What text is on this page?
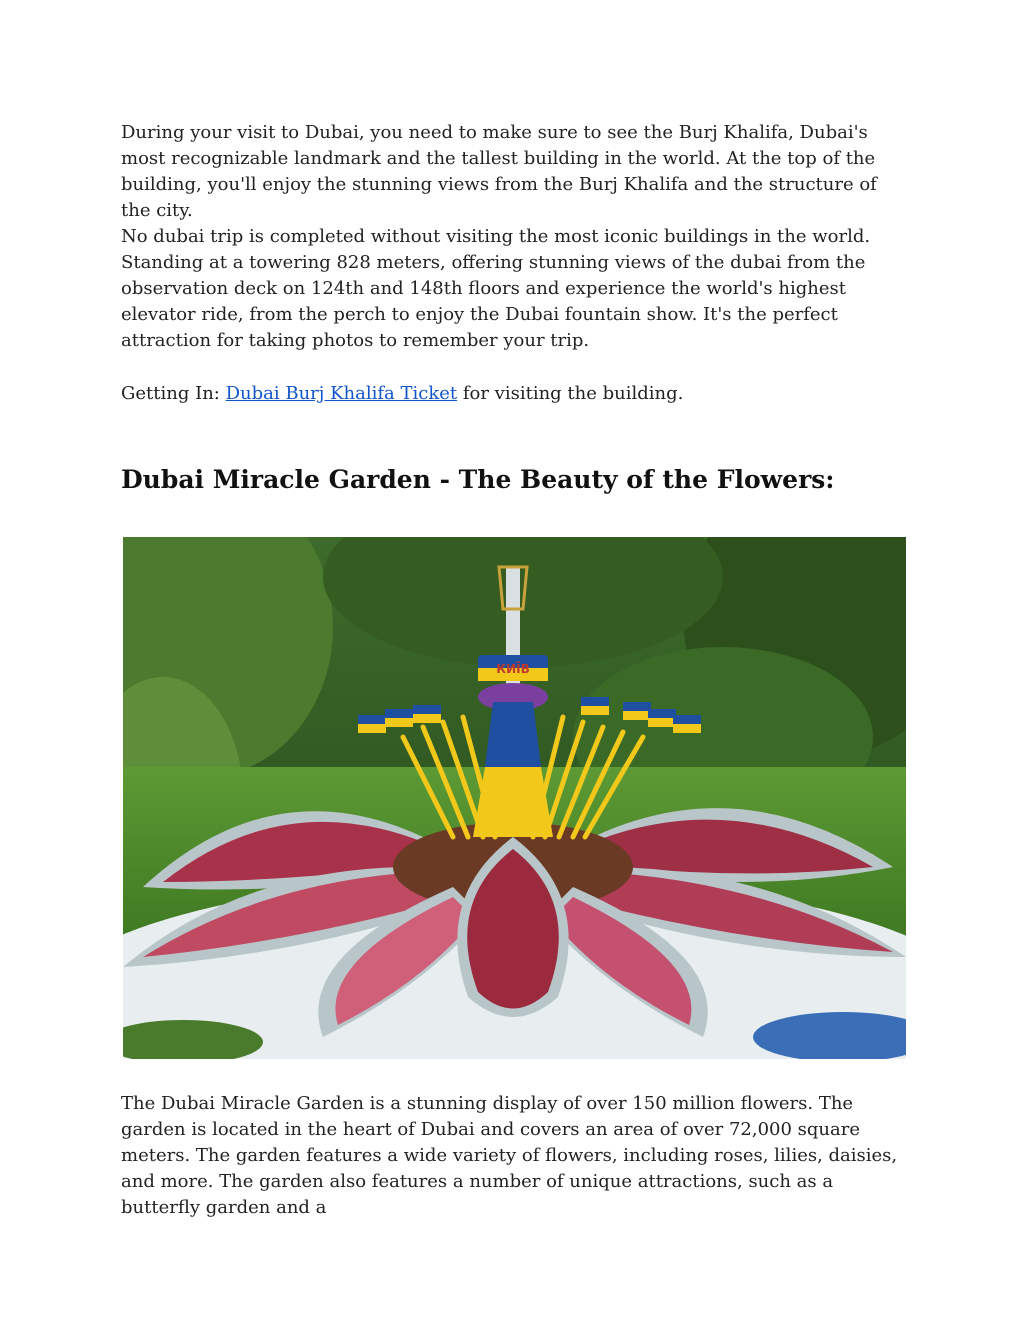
During your visit to Dubai, you need to make sure to see the Burj Khalifa, Dubai's most recognizable landmark and the tallest building in the world. At the top of the building, you'll enjoy the stunning views from the Burj Khalifa and the structure of the city.

No dubai trip is completed without visiting the most iconic buildings in the world. Standing at a towering 828 meters, offering stunning views of the dubai from the observation deck on 124th and 148th floors and experience the world's highest elevator ride, from the perch to enjoy the Dubai fountain show. It's the perfect attraction for taking photos to remember your trip.

Getting In: Dubai Burj Khalifa Ticket for visiting the building.

Dubai Miracle Garden - The Beauty of the Flowers:
КИЇВ

The Dubai Miracle Garden is a stunning display of over 150 million flowers. The garden is located in the heart of Dubai and covers an area of over 72,000 square meters. The garden features a wide variety of flowers, including roses, lilies, daisies, and more. The garden also features a number of unique attractions, such as a butterfly garden and a
